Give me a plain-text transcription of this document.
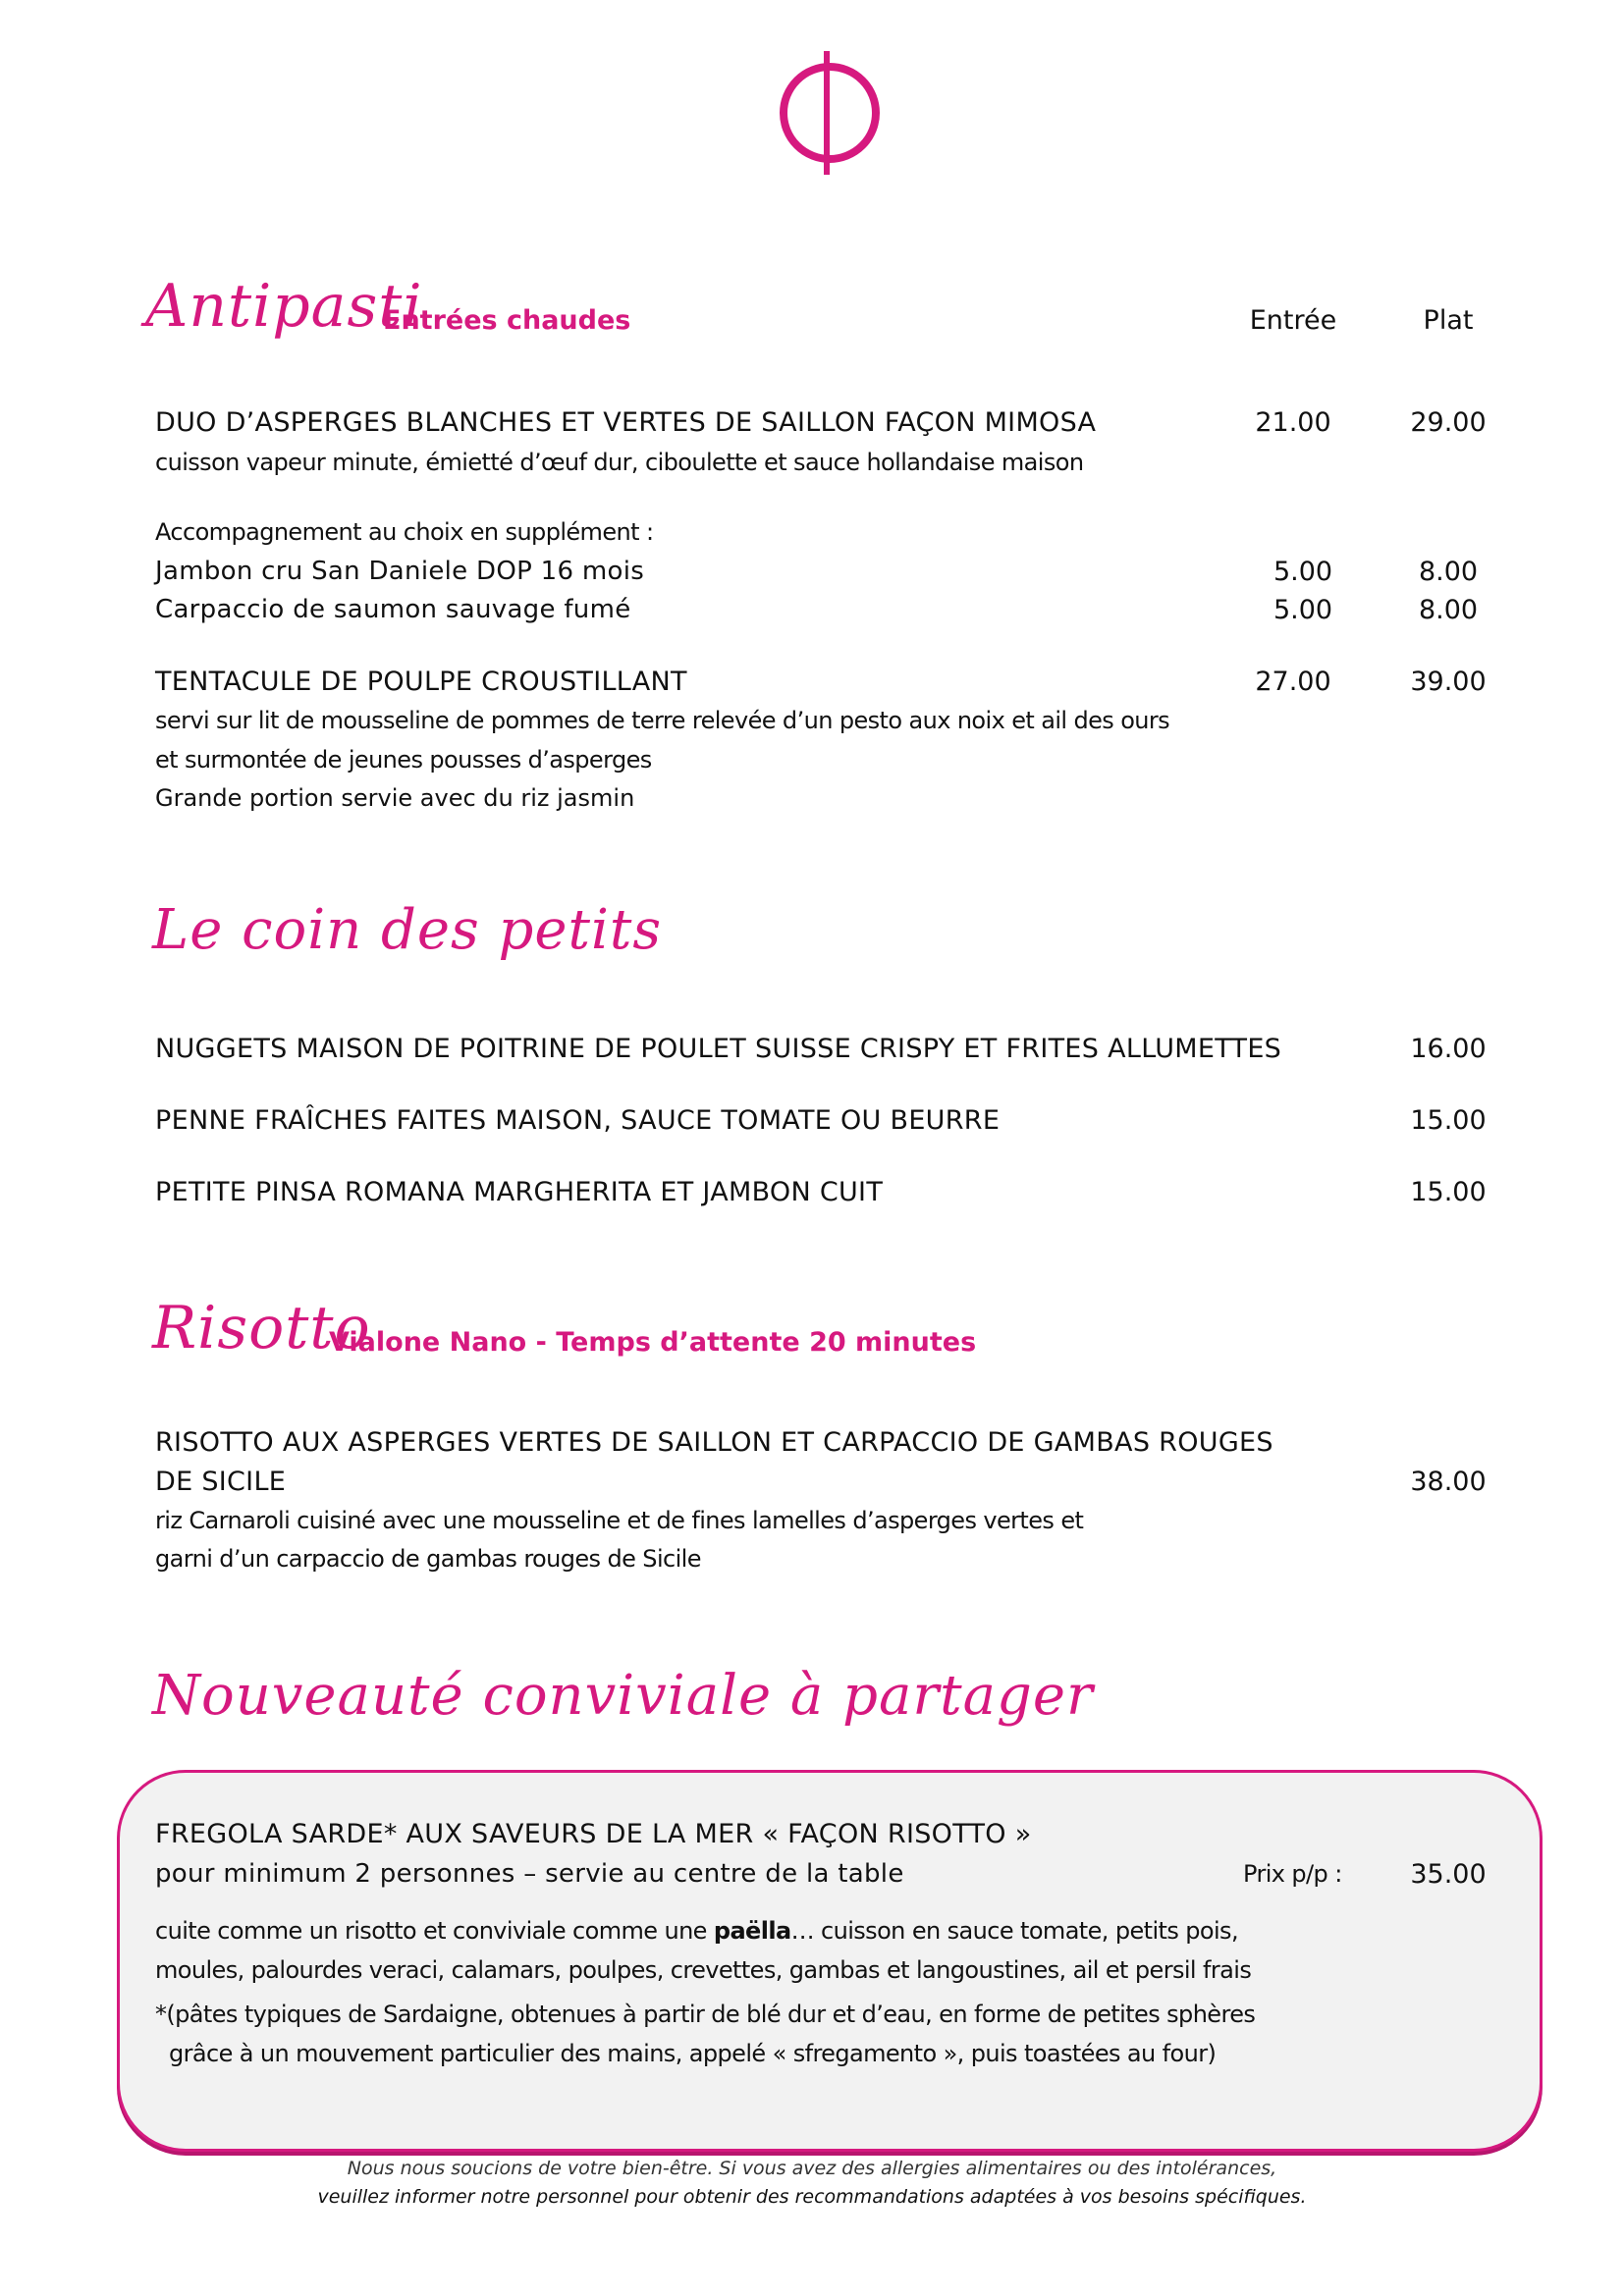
Antipasti
Entrées chaudes	Entrée	Plat
DUO D’ASPERGES BLANCHES ET VERTES DE SAILLON FAÇON MIMOSA	21.00	29.00
cuisson vapeur minute, émietté d’œuf dur, ciboulette et sauce hollandaise maison
Accompagnement au choix en supplément :
Jambon cru San Daniele DOP 16 mois	5.00	8.00
Carpaccio de saumon sauvage fumé	5.00	8.00
TENTACULE DE POULPE CROUSTILLANT	27.00	39.00
servi sur lit de mousseline de pommes de terre relevée d’un pesto aux noix et ail des ours
et surmontée de jeunes pousses d’asperges
Grande portion servie avec du riz jasmin
Le coin des petits
NUGGETS MAISON DE POITRINE DE POULET SUISSE CRISPY ET FRITES ALLUMETTES	16.00
PENNE FRAÎCHES FAITES MAISON, SAUCE TOMATE OU BEURRE	15.00
PETITE PINSA ROMANA MARGHERITA ET JAMBON CUIT	15.00
Risotto
Vialone Nano - Temps d’attente 20 minutes
RISOTTO AUX ASPERGES VERTES DE SAILLON ET CARPACCIO DE GAMBAS ROUGES
DE SICILE	38.00
riz Carnaroli cuisiné avec une mousseline et de fines lamelles d’asperges vertes et
garni d’un carpaccio de gambas rouges de Sicile
Nouveauté conviviale à partager
FREGOLA SARDE* AUX SAVEURS DE LA MER « FAÇON RISOTTO »
pour minimum 2 personnes – servie au centre de la table	Prix p/p :	35.00
cuite comme un risotto et conviviale comme une paëlla… cuisson en sauce tomate, petits pois,
moules, palourdes veraci, calamars, poulpes, crevettes, gambas et langoustines, ail et persil frais
*(pâtes typiques de Sardaigne, obtenues à partir de blé dur et d’eau, en forme de petites sphères
grâce à un mouvement particulier des mains, appelé « sfregamento », puis toastées au four)
Nous nous soucions de votre bien-être. Si vous avez des allergies alimentaires ou des intolérances,
veuillez informer notre personnel pour obtenir des recommandations adaptées à vos besoins spécifiques.
